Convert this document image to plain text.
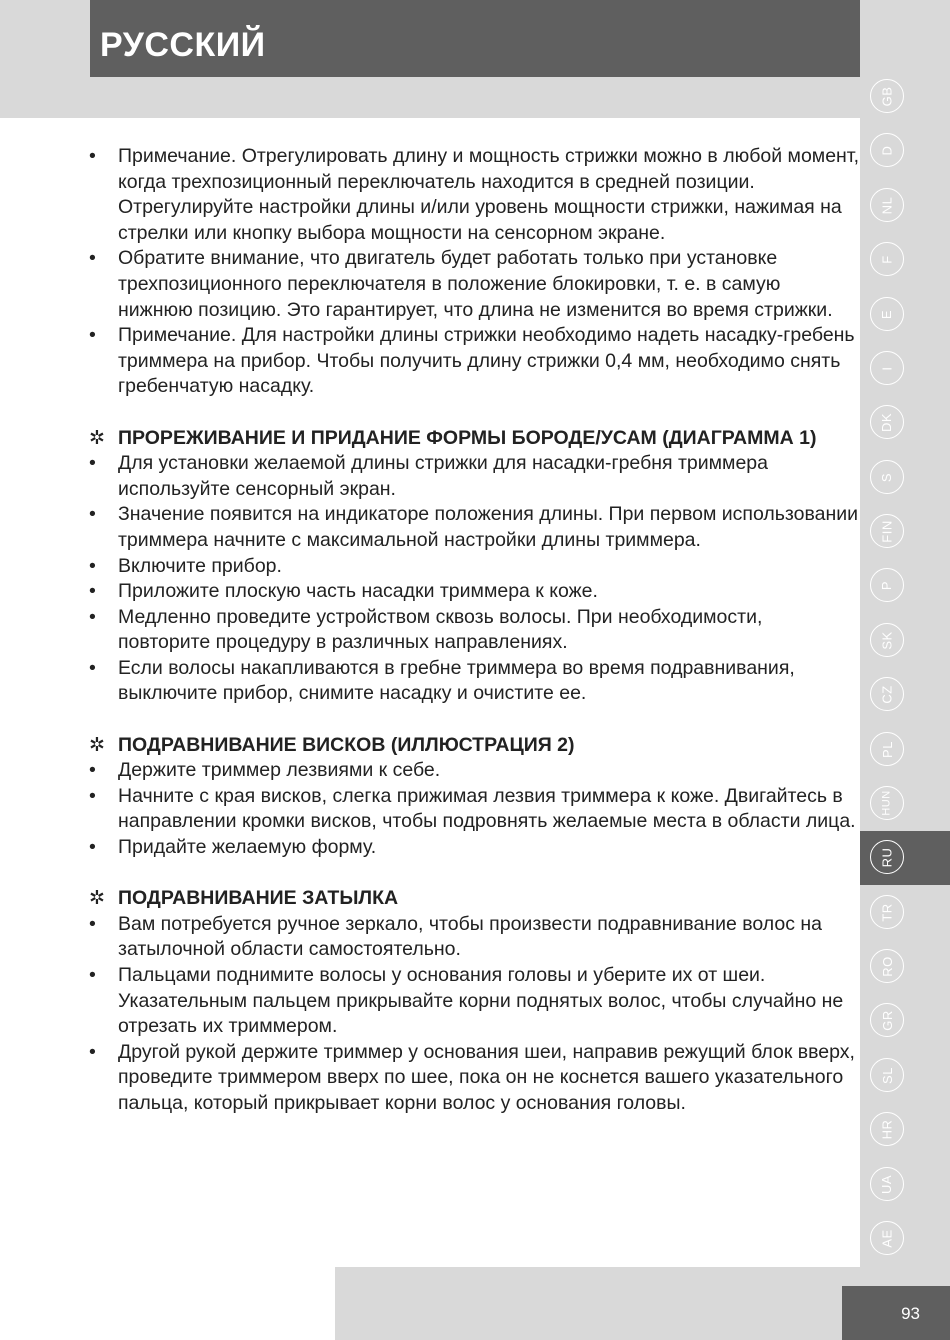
РУССКИЙ
GB
D
NL
F
E
I
DK
S
FIN
P
SK
CZ
PL
HUN
RU
TR
RO
GR
SL
HR
UA
AE

• Примечание. Отрегулировать длину и мощность стрижки можно в любой момент, когда трехпозиционный переключатель находится в средней позиции. Отрегулируйте настройки длины и/или уровень мощности стрижки, нажимая на стрелки или кнопку выбора мощности на сенсорном экране.

• Обратите внимание, что двигатель будет работать только при установке трехпозиционного переключателя в положение блокировки, т. е. в самую нижнюю позицию. Это гарантирует, что длина не изменится во время стрижки.

• Примечание. Для настройки длины стрижки необходимо надеть насадку-гребень триммера на прибор. Чтобы получить длину стрижки 0,4 мм, необходимо снять гребенчатую насадку.

✲ ПРОРЕЖИВАНИЕ И ПРИДАНИЕ ФОРМЫ БОРОДЕ/УСАМ (ДИАГРАММА 1)

• Для установки желаемой длины стрижки для насадки-гребня триммера используйте сенсорный экран.

• Значение появится на индикаторе положения длины. При первом использовании триммера начните с максимальной настройки длины триммера.

• Включите прибор.

• Приложите плоскую часть насадки триммера к коже.

• Медленно проведите устройством сквозь волосы. При необходимости, повторите процедуру в различных направлениях.

• Если волосы накапливаются в гребне триммера во время подравнивания, выключите прибор, снимите насадку и очистите ее.

✲ ПОДРАВНИВАНИЕ ВИСКОВ (ИЛЛЮСТРАЦИЯ 2)

• Держите триммер лезвиями к себе.

• Начните с края висков, слегка прижимая лезвия триммера к коже. Двигайтесь в направлении кромки висков, чтобы подровнять желаемые места в области лица.

• Придайте желаемую форму.

✲ ПОДРАВНИВАНИЕ ЗАТЫЛКА

• Вам потребуется ручное зеркало, чтобы произвести подравнивание волос на затылочной области самостоятельно.

• Пальцами поднимите волосы у основания головы и уберите их от шеи. Указательным пальцем прикрывайте корни поднятых волос, чтобы случайно не отрезать их триммером.

• Другой рукой держите триммер у основания шеи, направив режущий блок вверх, проведите триммером вверх по шее, пока он не коснется вашего указательного пальца, который прикрывает корни волос у основания головы.

93
